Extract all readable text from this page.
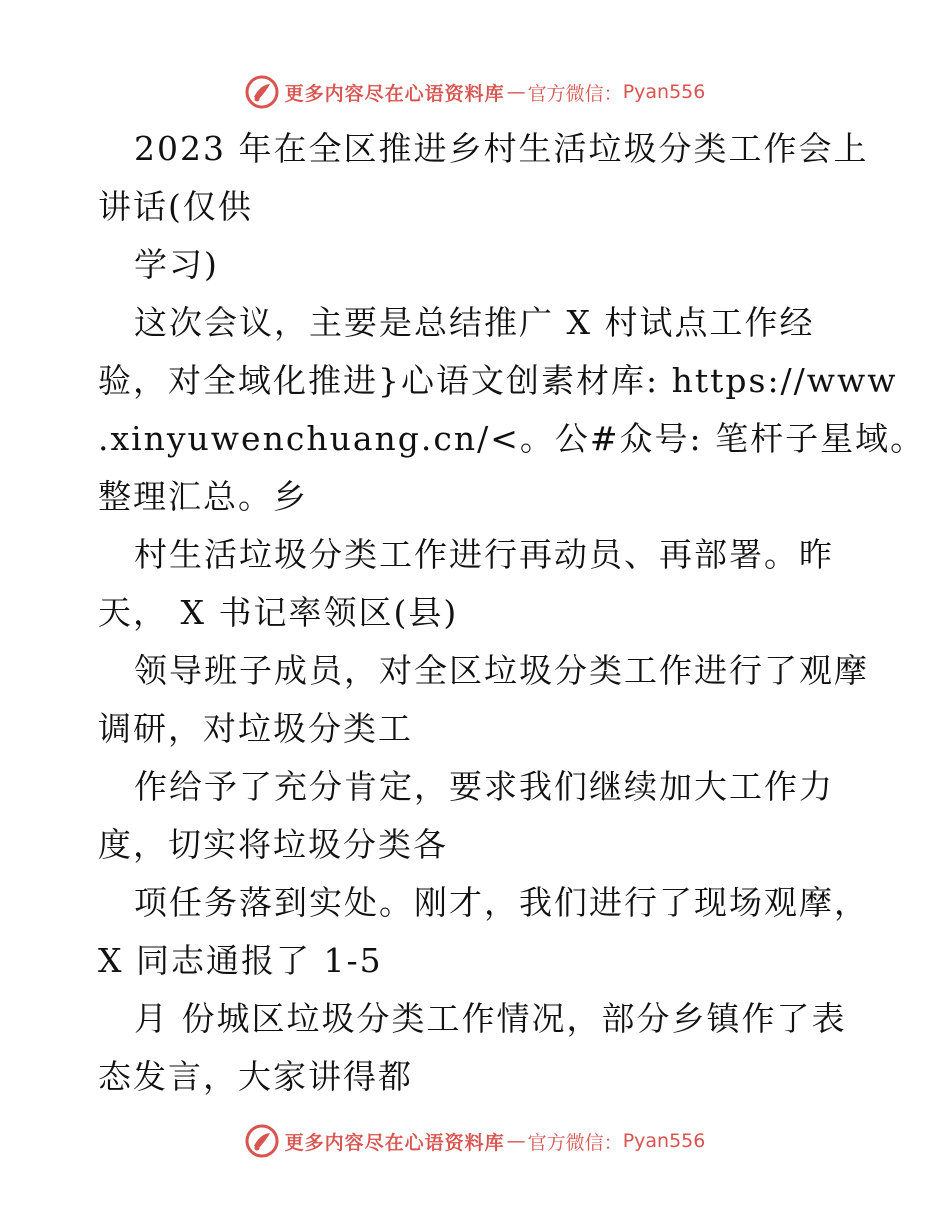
更多内容尽在心语资料库 — 官方微信： Pyan556
2023 年在全区推进乡村生活垃圾分类工作会上
讲话(仅供
学习)
这次会议，主要是总结推广 X 村试点工作经
验，对全域化推进}心语文创素材库: https://www
.xinyuwenchuang.cn/<。公#众号: 笔杆子星域。
整理汇总。乡
村生活垃圾分类工作进行再动员、再部署。昨
天， X 书记率领区(县)
领导班子成员，对全区垃圾分类工作进行了观摩
调研，对垃圾分类工
作给予了充分肯定，要求我们继续加大工作力
度，切实将垃圾分类各
项任务落到实处。刚才，我们进行了现场观摩，
X 同志通报了 1-5
月 份城区垃圾分类工作情况，部分乡镇作了表
态发言，大家讲得都
更多内容尽在心语资料库 — 官方微信： Pyan556
